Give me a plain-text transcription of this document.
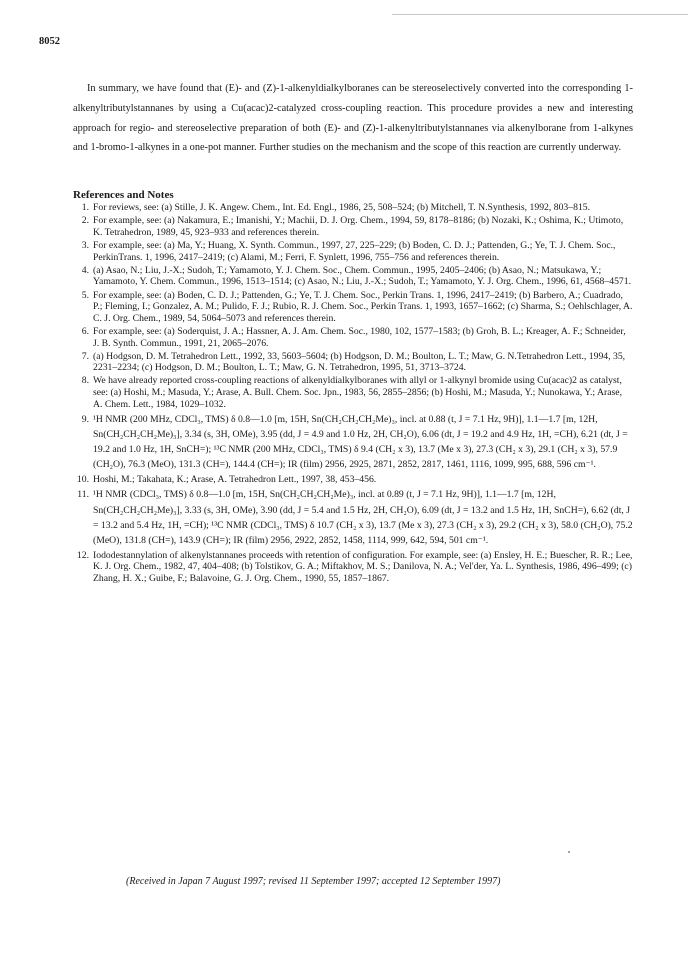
8052

In summary, we have found that (E)- and (Z)-1-alkenyldialkylboranes can be stereoselectively converted into the corresponding 1-alkenyltributylstannanes by using a Cu(acac)2-catalyzed cross-coupling reaction. This procedure provides a new and interesting approach for regio- and stereoselective preparation of both (E)- and (Z)-1-alkenyltributylstannanes via alkenylborane from 1-alkynes and 1-bromo-1-alkynes in a one-pot manner. Further studies on the mechanism and the scope of this reaction are currently underway.

References and Notes
1. For reviews, see: (a) Stille, J. K. Angew. Chem., Int. Ed. Engl., 1986, 25, 508–524; (b) Mitchell, T. N.Synthesis, 1992, 803–815.
2. For example, see: (a) Nakamura, E.; Imanishi, Y.; Machii, D. J. Org. Chem., 1994, 59, 8178–8186; (b) Nozaki, K.; Oshima, K.; Utimoto, K. Tetrahedron, 1989, 45, 923–933 and references therein.
3. For example, see: (a) Ma, Y.; Huang, X. Synth. Commun., 1997, 27, 225–229; (b) Boden, C. D. J.; Pattenden, G.; Ye, T. J. Chem. Soc., PerkinTrans. 1, 1996, 2417–2419; (c) Alami, M.; Ferri, F. Synlett, 1996, 755–756 and references therein.
4. (a) Asao, N.; Liu, J.-X.; Sudoh, T.; Yamamoto, Y. J. Chem. Soc., Chem. Commun., 1995, 2405–2406; (b) Asao, N.; Matsukawa, Y.; Yamamoto, Y. Chem. Commun., 1996, 1513–1514; (c) Asao, N.; Liu, J.-X.; Sudoh, T.; Yamamoto, Y. J. Org. Chem., 1996, 61, 4568–4571.
5. For example, see: (a) Boden, C. D. J.; Pattenden, G.; Ye, T. J. Chem. Soc., Perkin Trans. 1, 1996, 2417–2419; (b) Barbero, A.; Cuadrado, P.; Fleming, I.; Gonzalez, A. M.; Pulido, F. J.; Rubio, R. J. Chem. Soc., Perkin Trans. 1, 1993, 1657–1662; (c) Sharma, S.; Oehlschlager, A. C. J. Org. Chem., 1989, 54, 5064–5073 and references therein.
6. For example, see: (a) Soderquist, J. A.; Hassner, A. J. Am. Chem. Soc., 1980, 102, 1577–1583; (b) Groh, B. L.; Kreager, A. F.; Schneider, J. B. Synth. Commun., 1991, 21, 2065–2076.
7. (a) Hodgson, D. M. Tetrahedron Lett., 1992, 33, 5603–5604; (b) Hodgson, D. M.; Boulton, L. T.; Maw, G. N.Tetrahedron Lett., 1994, 35, 2231–2234; (c) Hodgson, D. M.; Boulton, L. T.; Maw, G. N. Tetrahedron, 1995, 51, 3713–3724.
8. We have already reported cross-coupling reactions of alkenyldialkylboranes with allyl or 1-alkynyl bromide using Cu(acac)2 as catalyst, see: (a) Hoshi, M.; Masuda, Y.; Arase, A. Bull. Chem. Soc. Jpn., 1983, 56, 2855–2856; (b) Hoshi, M.; Masuda, Y.; Nunokawa, Y.; Arase, A. Chem. Lett., 1984, 1029–1032.
9. ¹H NMR (200 MHz, CDCl₃, TMS) δ 0.8—1.0 [m, 15H, Sn(CH₂CH₂CH₂Me)₃, incl. at 0.88 (t, J = 7.1 Hz, 9H)], 1.1—1.7 [m, 12H, Sn(CH₂CH₂CH₂Me)₃], 3.34 (s, 3H, OMe), 3.95 (dd, J = 4.9 and 1.0 Hz, 2H, CH₂O), 6.06 (dt, J = 19.2 and 4.9 Hz, 1H, =CH), 6.21 (dt, J = 19.2 and 1.0 Hz, 1H, SnCH=); ¹³C NMR (200 MHz, CDCl₃, TMS) δ 9.4 (CH₂ x 3), 13.7 (Me x 3), 27.3 (CH₂ x 3), 29.1 (CH₂ x 3), 57.9 (CH₂O), 76.3 (MeO), 131.3 (CH=), 144.4 (CH=); IR (film) 2956, 2925, 2871, 2852, 2817, 1461, 1116, 1099, 995, 688, 596 cm⁻¹.
10. Hoshi, M.; Takahata, K.; Arase, A. Tetrahedron Lett., 1997, 38, 453–456.
11. ¹H NMR (CDCl₃, TMS) δ 0.8—1.0 [m, 15H, Sn(CH₂CH₂CH₂Me)₃, incl. at 0.89 (t, J = 7.1 Hz, 9H)], 1.1—1.7 [m, 12H, Sn(CH₂CH₂CH₂Me)₃], 3.33 (s, 3H, OMe), 3.90 (dd, J = 5.4 and 1.5 Hz, 2H, CH₂O), 6.09 (dt, J = 13.2 and 1.5 Hz, 1H, SnCH=), 6.62 (dt, J = 13.2 and 5.4 Hz, 1H, =CH); ¹³C NMR (CDCl₃, TMS) δ 10.7 (CH₂ x 3), 13.7 (Me x 3), 27.3 (CH₂ x 3), 29.2 (CH₂ x 3), 58.0 (CH₂O), 75.2 (MeO), 131.8 (CH=), 143.9 (CH=); IR (film) 2956, 2922, 2852, 1458, 1114, 999, 642, 594, 501 cm⁻¹.
12. Iododestannylation of alkenylstannanes proceeds with retention of configuration. For example, see: (a) Ensley, H. E.; Buescher, R. R.; Lee, K. J. Org. Chem., 1982, 47, 404–408; (b) Tolstikov, G. A.; Miftakhov, M. S.; Danilova, N. A.; Vel'der, Ya. L. Synthesis, 1986, 496–499; (c) Zhang, H. X.; Guibe, F.; Balavoine, G. J. Org. Chem., 1990, 55, 1857–1867.
(Received in Japan 7 August 1997; revised 11 September 1997; accepted 12 September 1997)
